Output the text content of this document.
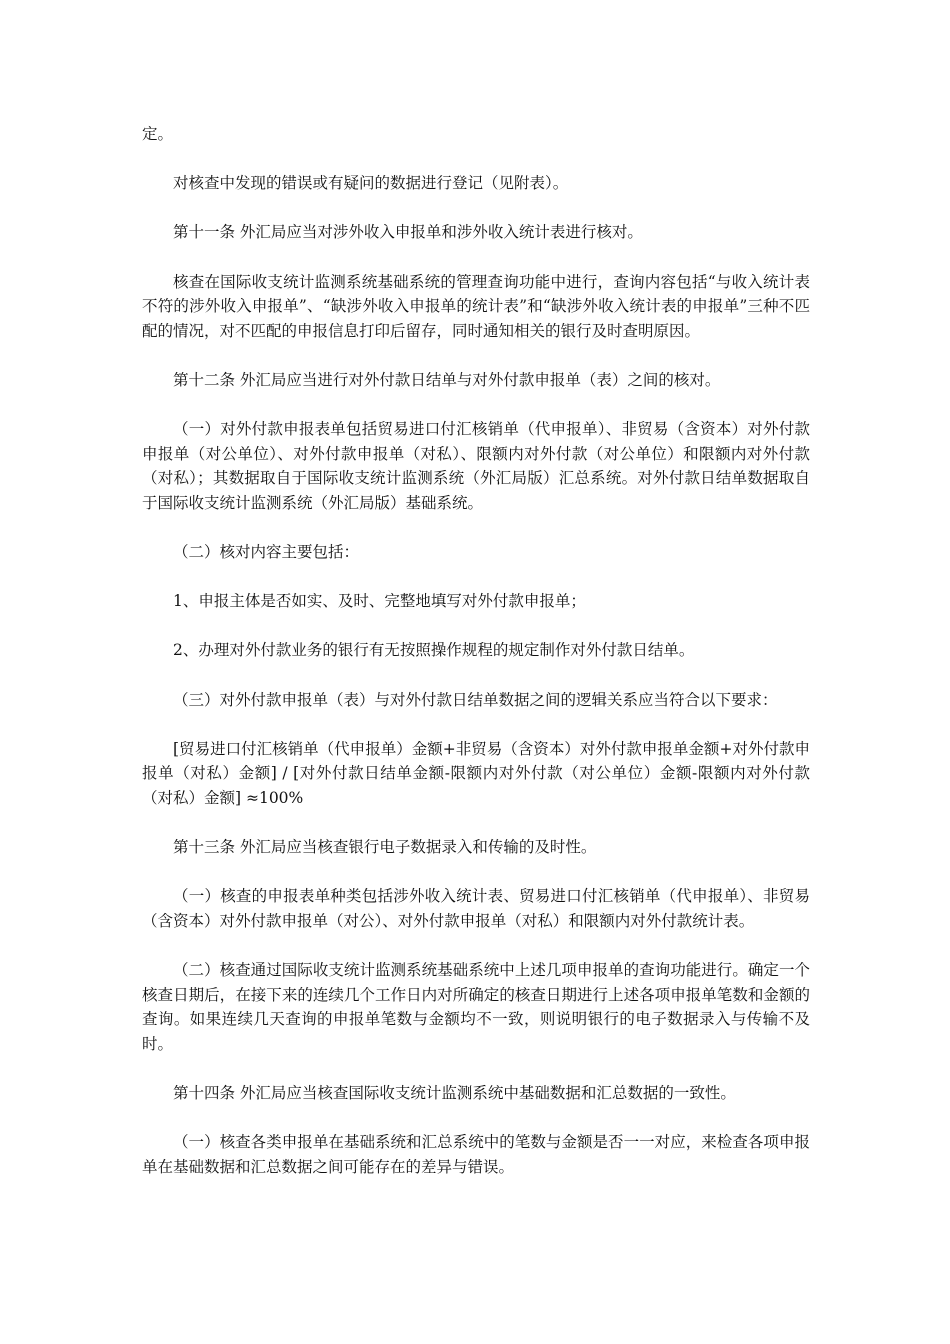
定。

对核查中发现的错误或有疑问的数据进行登记（见附表）。

第十一条 外汇局应当对涉外收入申报单和涉外收入统计表进行核对。

核查在国际收支统计监测系统基础系统的管理查询功能中进行，查询内容包括“与收入统计表不符的涉外收入申报单”、“缺涉外收入申报单的统计表”和“缺涉外收入统计表的申报单”三种不匹配的情况，对不匹配的申报信息打印后留存，同时通知相关的银行及时查明原因。

第十二条 外汇局应当进行对外付款日结单与对外付款申报单（表）之间的核对。

（一）对外付款申报表单包括贸易进口付汇核销单（代申报单）、非贸易（含资本）对外付款申报单（对公单位）、对外付款申报单（对私）、限额内对外付款（对公单位）和限额内对外付款（对私）；其数据取自于国际收支统计监测系统（外汇局版）汇总系统。对外付款日结单数据取自于国际收支统计监测系统（外汇局版）基础系统。

（二）核对内容主要包括：

1、申报主体是否如实、及时、完整地填写对外付款申报单；

2、办理对外付款业务的银行有无按照操作规程的规定制作对外付款日结单。

（三）对外付款申报单（表）与对外付款日结单数据之间的逻辑关系应当符合以下要求：

[贸易进口付汇核销单（代申报单）金额+非贸易（含资本）对外付款申报单金额+对外付款申报单（对私）金额] / [对外付款日结单金额-限额内对外付款（对公单位）金额-限额内对外付款（对私）金额] ≈100%

第十三条 外汇局应当核查银行电子数据录入和传输的及时性。

（一）核查的申报表单种类包括涉外收入统计表、贸易进口付汇核销单（代申报单）、非贸易（含资本）对外付款申报单（对公）、对外付款申报单（对私）和限额内对外付款统计表。

（二）核查通过国际收支统计监测系统基础系统中上述几项申报单的查询功能进行。确定一个核查日期后，在接下来的连续几个工作日内对所确定的核查日期进行上述各项申报单笔数和金额的查询。如果连续几天查询的申报单笔数与金额均不一致，则说明银行的电子数据录入与传输不及时。

第十四条 外汇局应当核查国际收支统计监测系统中基础数据和汇总数据的一致性。

（一）核查各类申报单在基础系统和汇总系统中的笔数与金额是否一一对应，来检查各项申报单在基础数据和汇总数据之间可能存在的差异与错误。
